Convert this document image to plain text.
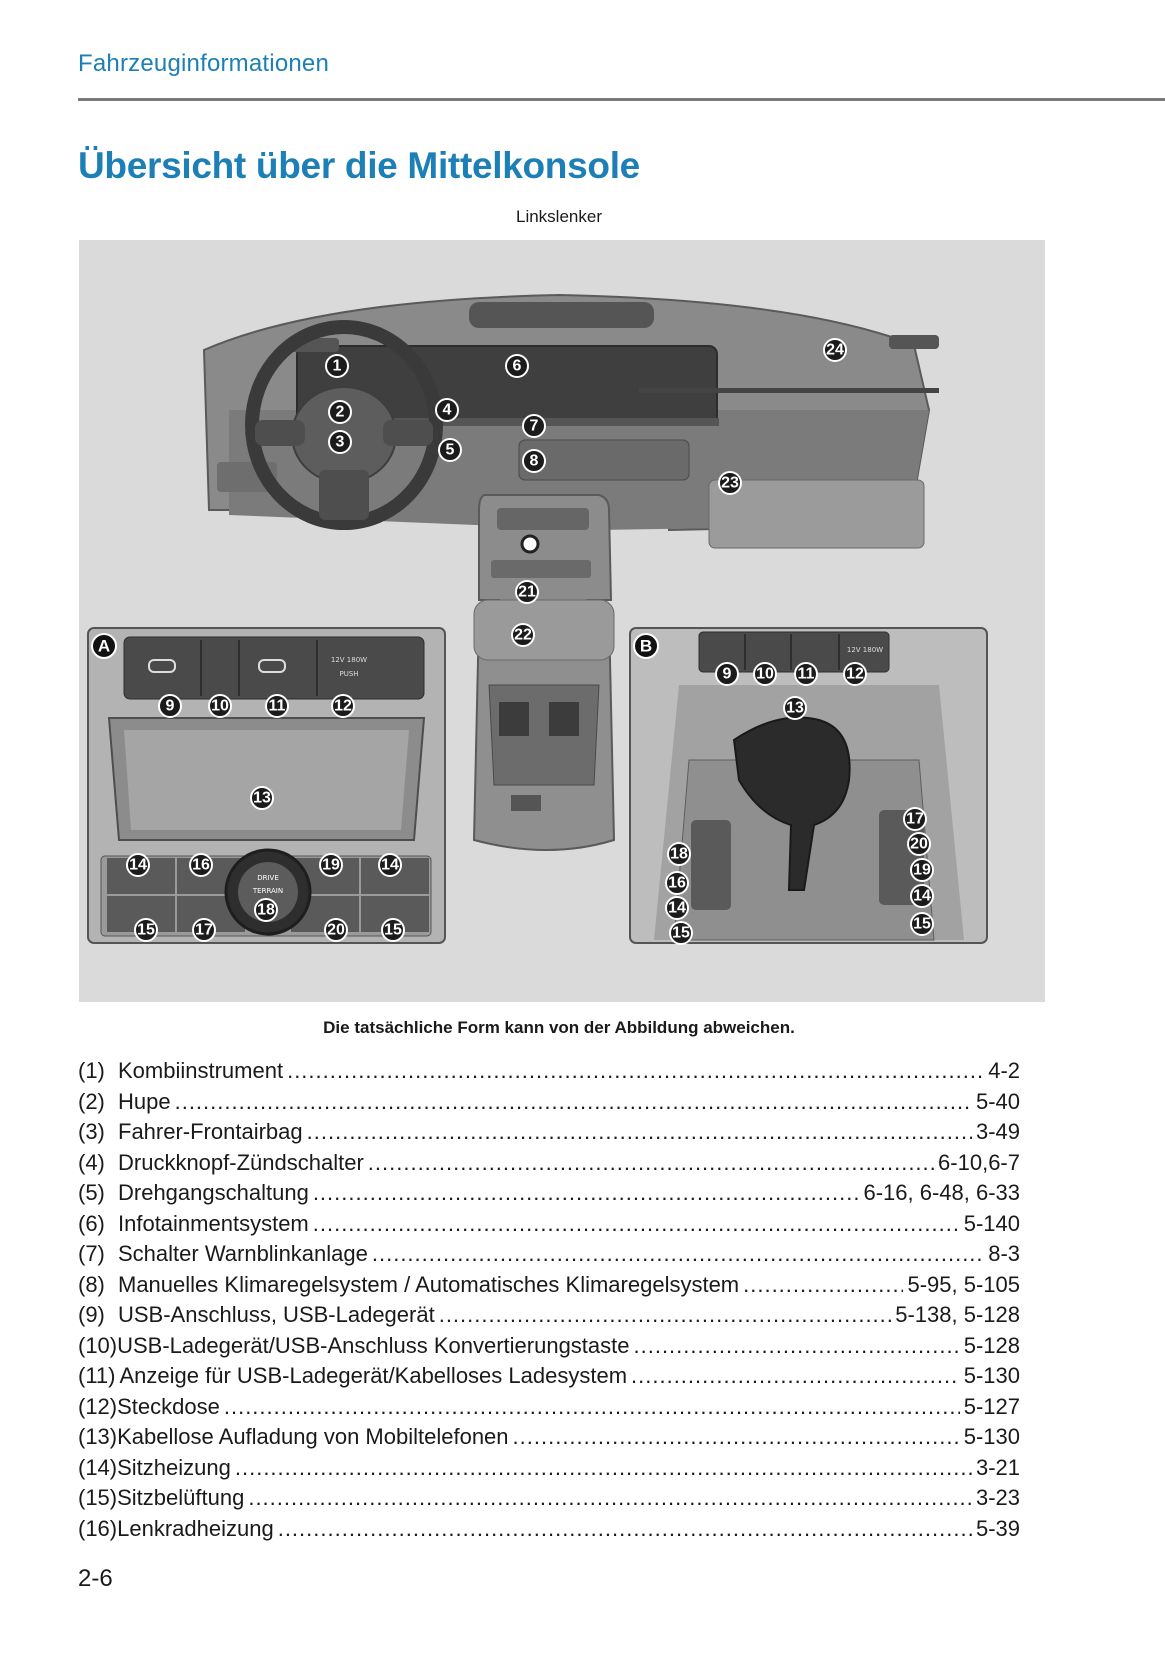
Fahrzeuginformationen
Übersicht über die Mittelkonsole
Linkslenker
12V 180W
PUSH
DRIVE
TERRAIN
12V 180W
1
2
3
4
5
6
7
8
21
22
23
24
A	B
9 10 11	12
13
14	16	19	14
15	17
18
20 15
9 10 11 12
13
17
20
19
14
15
18
16
14
15
Die tatsächliche Form kann von der Abbildung abweichen.
(1) Kombiinstrument .....	4-2
(2) Hupe .....	5-40
(3) Fahrer-Frontairbag .....	3-49
(4) Druckknopf-Zündschalter .....	6-10,6-7
(5) Drehgangschaltung .....	6-16, 6-48, 6-33
(6) Infotainmentsystem .....	5-140
(7) Schalter Warnblinkanlage .....	8-3
(8) Manuelles Klimaregelsystem / Automatisches Klimaregelsystem .....	5-95, 5-105
(9) USB-Anschluss, USB-Ladegerät .....	5-138, 5-128
(10) USB-Ladegerät/USB-Anschluss Konvertierungstaste .....	5-128
(11) Anzeige für USB-Ladegerät/Kabelloses Ladesystem .....	5-130
(12) Steckdose .....	5-127
(13) Kabellose Aufladung von Mobiltelefonen .....	5-130
(14) Sitzheizung .....	3-21
(15) Sitzbelüftung .....	3-23
(16) Lenkradheizung .....	5-39
2-6
